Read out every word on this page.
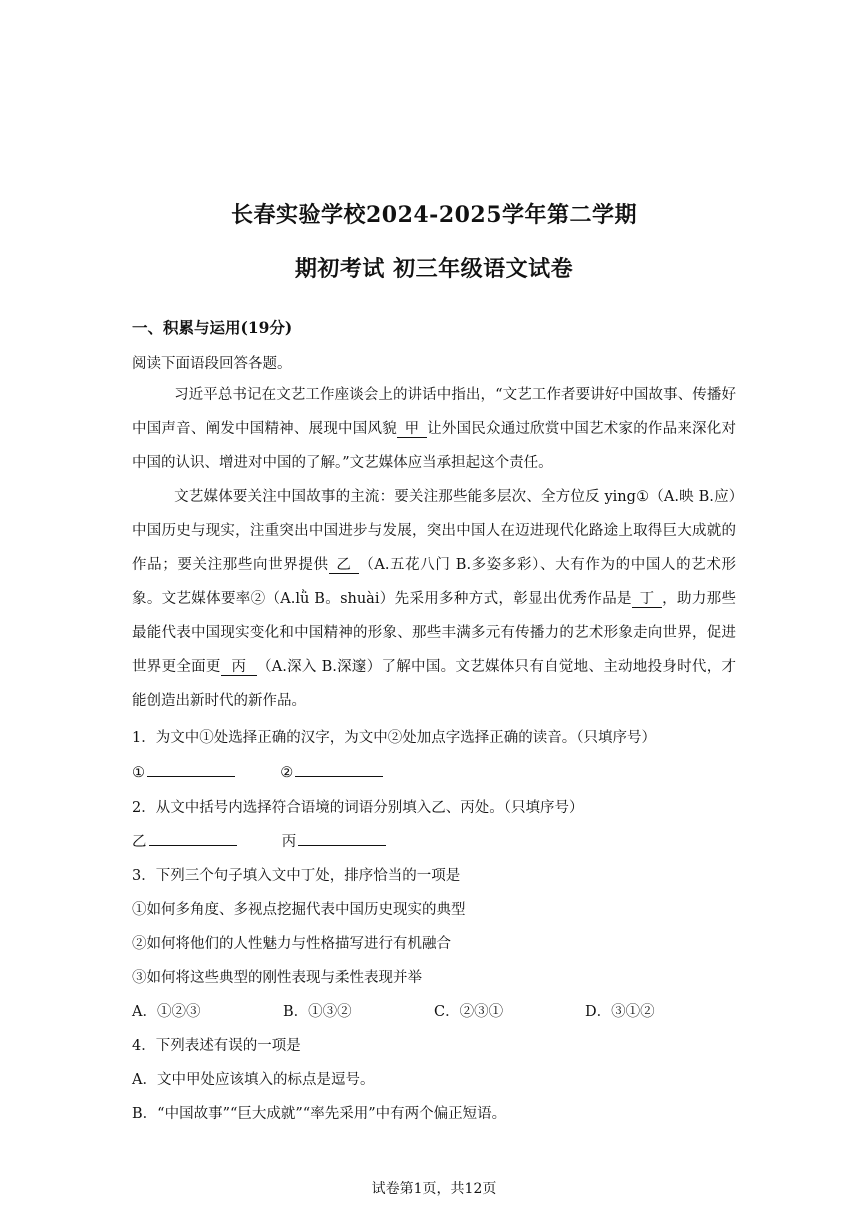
长春实验学校2024-2025学年第二学期
期初考试 初三年级语文试卷
一、积累与运用(19分)
阅读下面语段回答各题。
习近平总书记在文艺工作座谈会上的讲话中指出，“文艺工作者要讲好中国故事、传播好中国声音、阐发中国精神、展现中国风貌 甲 让外国民众通过欣赏中国艺术家的作品来深化对中国的认识、增进对中国的了解。”文艺媒体应当承担起这个责任。
文艺媒体要关注中国故事的主流：要关注那些能多层次、全方位反 ying①（A.映 B.应）中国历史与现实，注重突出中国进步与发展，突出中国人在迈进现代化路途上取得巨大成就的作品；要关注那些向世界提供 乙 （A.五花八门 B.多姿多彩）、大有作为的中国人的艺术形象。文艺媒体要率②（A.lǜ B。shuài）先采用多种方式，彰显出优秀作品是 丁 ，助力那些最能代表中国现实变化和中国精神的形象、那些丰满多元有传播力的艺术形象走向世界，促进世界更全面更 丙 （A.深入 B.深邃）了解中国。文艺媒体只有自觉地、主动地投身时代，才能创造出新时代的新作品。
1．为文中①处选择正确的汉字，为文中②处加点字选择正确的读音。（只填序号）
①	②
2．从文中括号内选择符合语境的词语分别填入乙、丙处。（只填序号）
乙	丙
3．下列三个句子填入文中丁处，排序恰当的一项是
①如何多角度、多视点挖掘代表中国历史现实的典型
②如何将他们的人性魅力与性格描写进行有机融合
③如何将这些典型的刚性表现与柔性表现并举
A．①②③	B．①③②	C．②③①	D．③①②
4．下列表述有误的一项是
A．文中甲处应该填入的标点是逗号。
B．“中国故事”“巨大成就”“率先采用”中有两个偏正短语。
试卷第1页，共12页
